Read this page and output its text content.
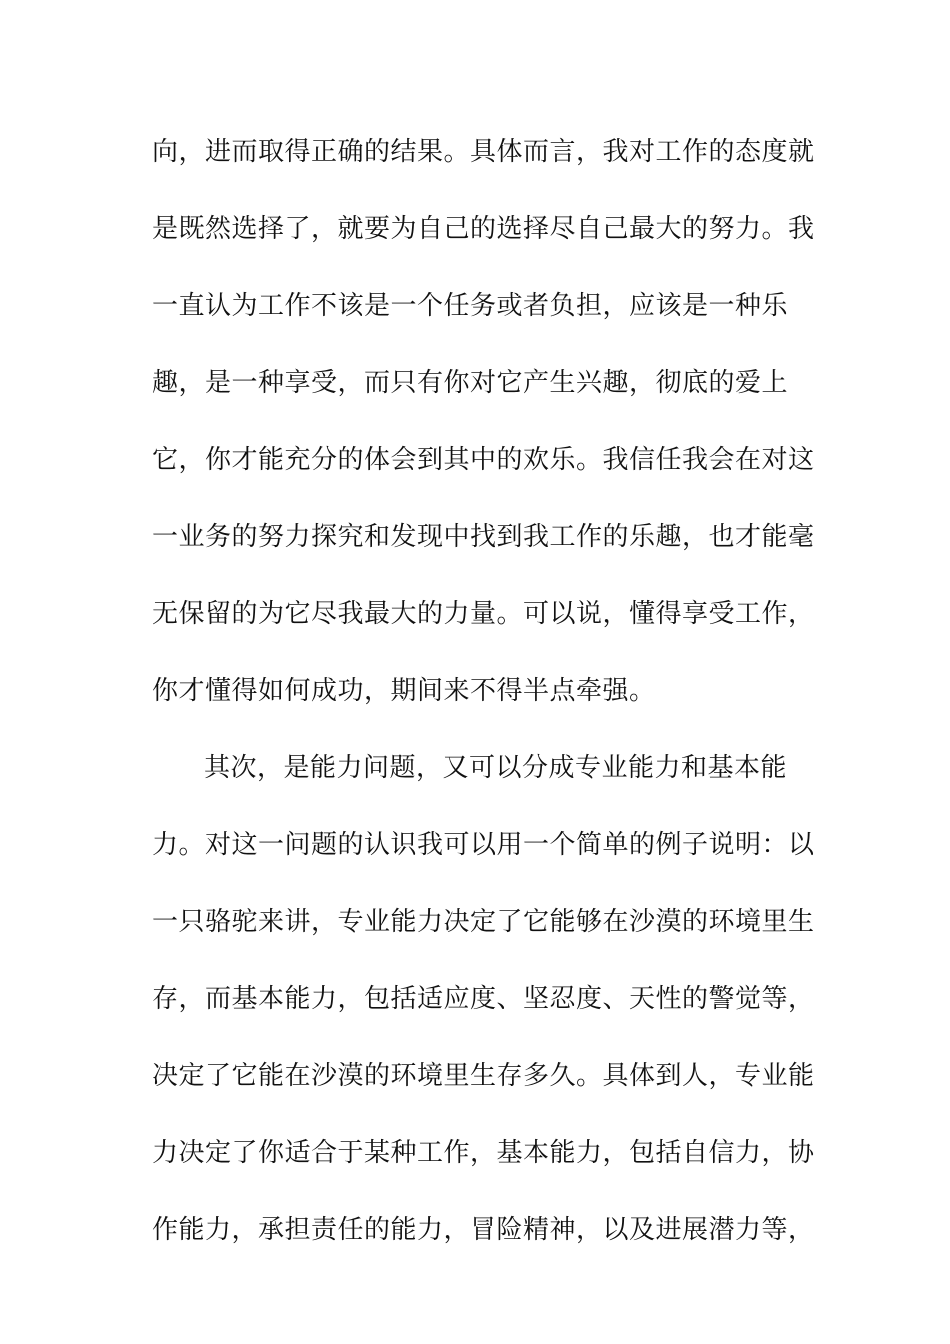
向，进而取得正确的结果。具体而言，我对工作的态度就
是既然选择了，就要为自己的选择尽自己最大的努力。我
一直认为工作不该是一个任务或者负担，应该是一种乐
趣，是一种享受，而只有你对它产生兴趣，彻底的爱上
它，你才能充分的体会到其中的欢乐。我信任我会在对这
一业务的努力探究和发现中找到我工作的乐趣，也才能毫
无保留的为它尽我最大的力量。可以说，懂得享受工作，
你才懂得如何成功，期间来不得半点牵强。
其次，是能力问题，又可以分成专业能力和基本能
力。对这一问题的认识我可以用一个简单的例子说明：以
一只骆驼来讲，专业能力决定了它能够在沙漠的环境里生
存，而基本能力，包括适应度、坚忍度、天性的警觉等，
决定了它能在沙漠的环境里生存多久。具体到人，专业能
力决定了你适合于某种工作，基本能力，包括自信力，协
作能力，承担责任的能力，冒险精神，以及进展潜力等，
